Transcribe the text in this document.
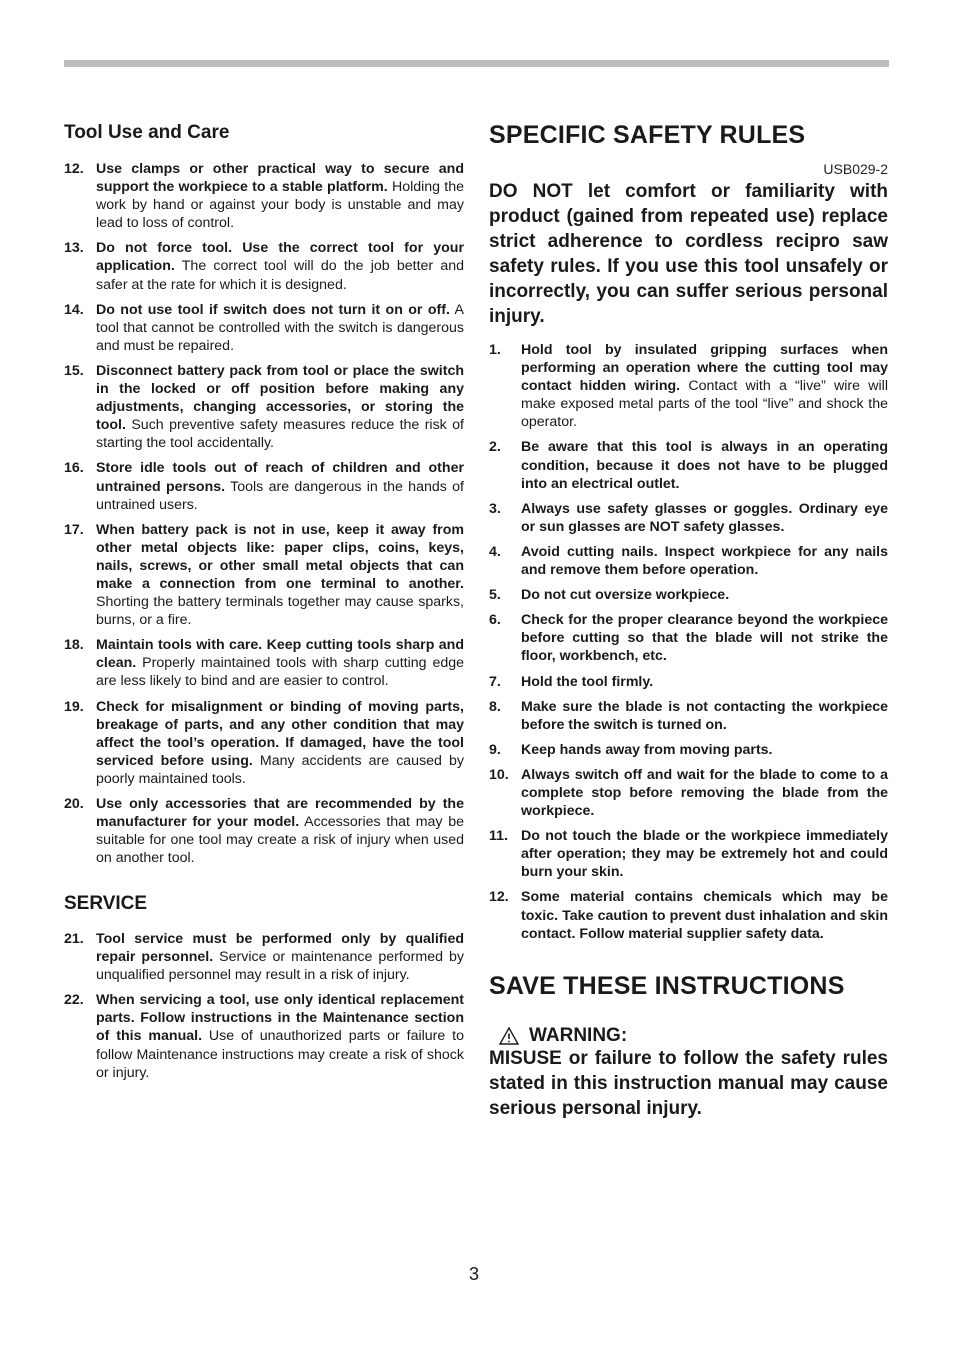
Tool Use and Care
12. Use clamps or other practical way to secure and support the workpiece to a stable platform. Holding the work by hand or against your body is unstable and may lead to loss of control.
13. Do not force tool. Use the correct tool for your application. The correct tool will do the job better and safer at the rate for which it is designed.
14. Do not use tool if switch does not turn it on or off. A tool that cannot be controlled with the switch is dangerous and must be repaired.
15. Disconnect battery pack from tool or place the switch in the locked or off position before making any adjustments, changing accessories, or storing the tool. Such preventive safety measures reduce the risk of starting the tool accidentally.
16. Store idle tools out of reach of children and other untrained persons. Tools are dangerous in the hands of untrained users.
17. When battery pack is not in use, keep it away from other metal objects like: paper clips, coins, keys, nails, screws, or other small metal objects that can make a connection from one terminal to another. Shorting the battery terminals together may cause sparks, burns, or a fire.
18. Maintain tools with care. Keep cutting tools sharp and clean. Properly maintained tools with sharp cutting edge are less likely to bind and are easier to control.
19. Check for misalignment or binding of moving parts, breakage of parts, and any other condition that may affect the tool’s operation. If damaged, have the tool serviced before using. Many accidents are caused by poorly maintained tools.
20. Use only accessories that are recommended by the manufacturer for your model. Accessories that may be suitable for one tool may create a risk of injury when used on another tool.
SERVICE
21. Tool service must be performed only by qualified repair personnel. Service or maintenance performed by unqualified personnel may result in a risk of injury.
22. When servicing a tool, use only identical replacement parts. Follow instructions in the Maintenance section of this manual. Use of unauthorized parts or failure to follow Maintenance instructions may create a risk of shock or injury.
SPECIFIC SAFETY RULES
USB029-2

DO NOT let comfort or familiarity with product (gained from repeated use) replace strict adherence to cordless recipro saw safety rules. If you use this tool unsafely or incorrectly, you can suffer serious personal injury.

1. Hold tool by insulated gripping surfaces when performing an operation where the cutting tool may contact hidden wiring. Contact with a “live” wire will make exposed metal parts of the tool “live” and shock the operator.
2. Be aware that this tool is always in an operating condition, because it does not have to be plugged into an electrical outlet.
3. Always use safety glasses or goggles. Ordinary eye or sun glasses are NOT safety glasses.
4. Avoid cutting nails. Inspect workpiece for any nails and remove them before operation.
5. Do not cut oversize workpiece.
6. Check for the proper clearance beyond the workpiece before cutting so that the blade will not strike the floor, workbench, etc.
7. Hold the tool firmly.
8. Make sure the blade is not contacting the workpiece before the switch is turned on.
9. Keep hands away from moving parts.
10. Always switch off and wait for the blade to come to a complete stop before removing the blade from the workpiece.
11. Do not touch the blade or the workpiece immediately after operation; they may be extremely hot and could burn your skin.
12. Some material contains chemicals which may be toxic. Take caution to prevent dust inhalation and skin contact. Follow material supplier safety data.
SAVE THESE INSTRUCTIONS
WARNING:

MISUSE or failure to follow the safety rules stated in this instruction manual may cause serious personal injury.

3
